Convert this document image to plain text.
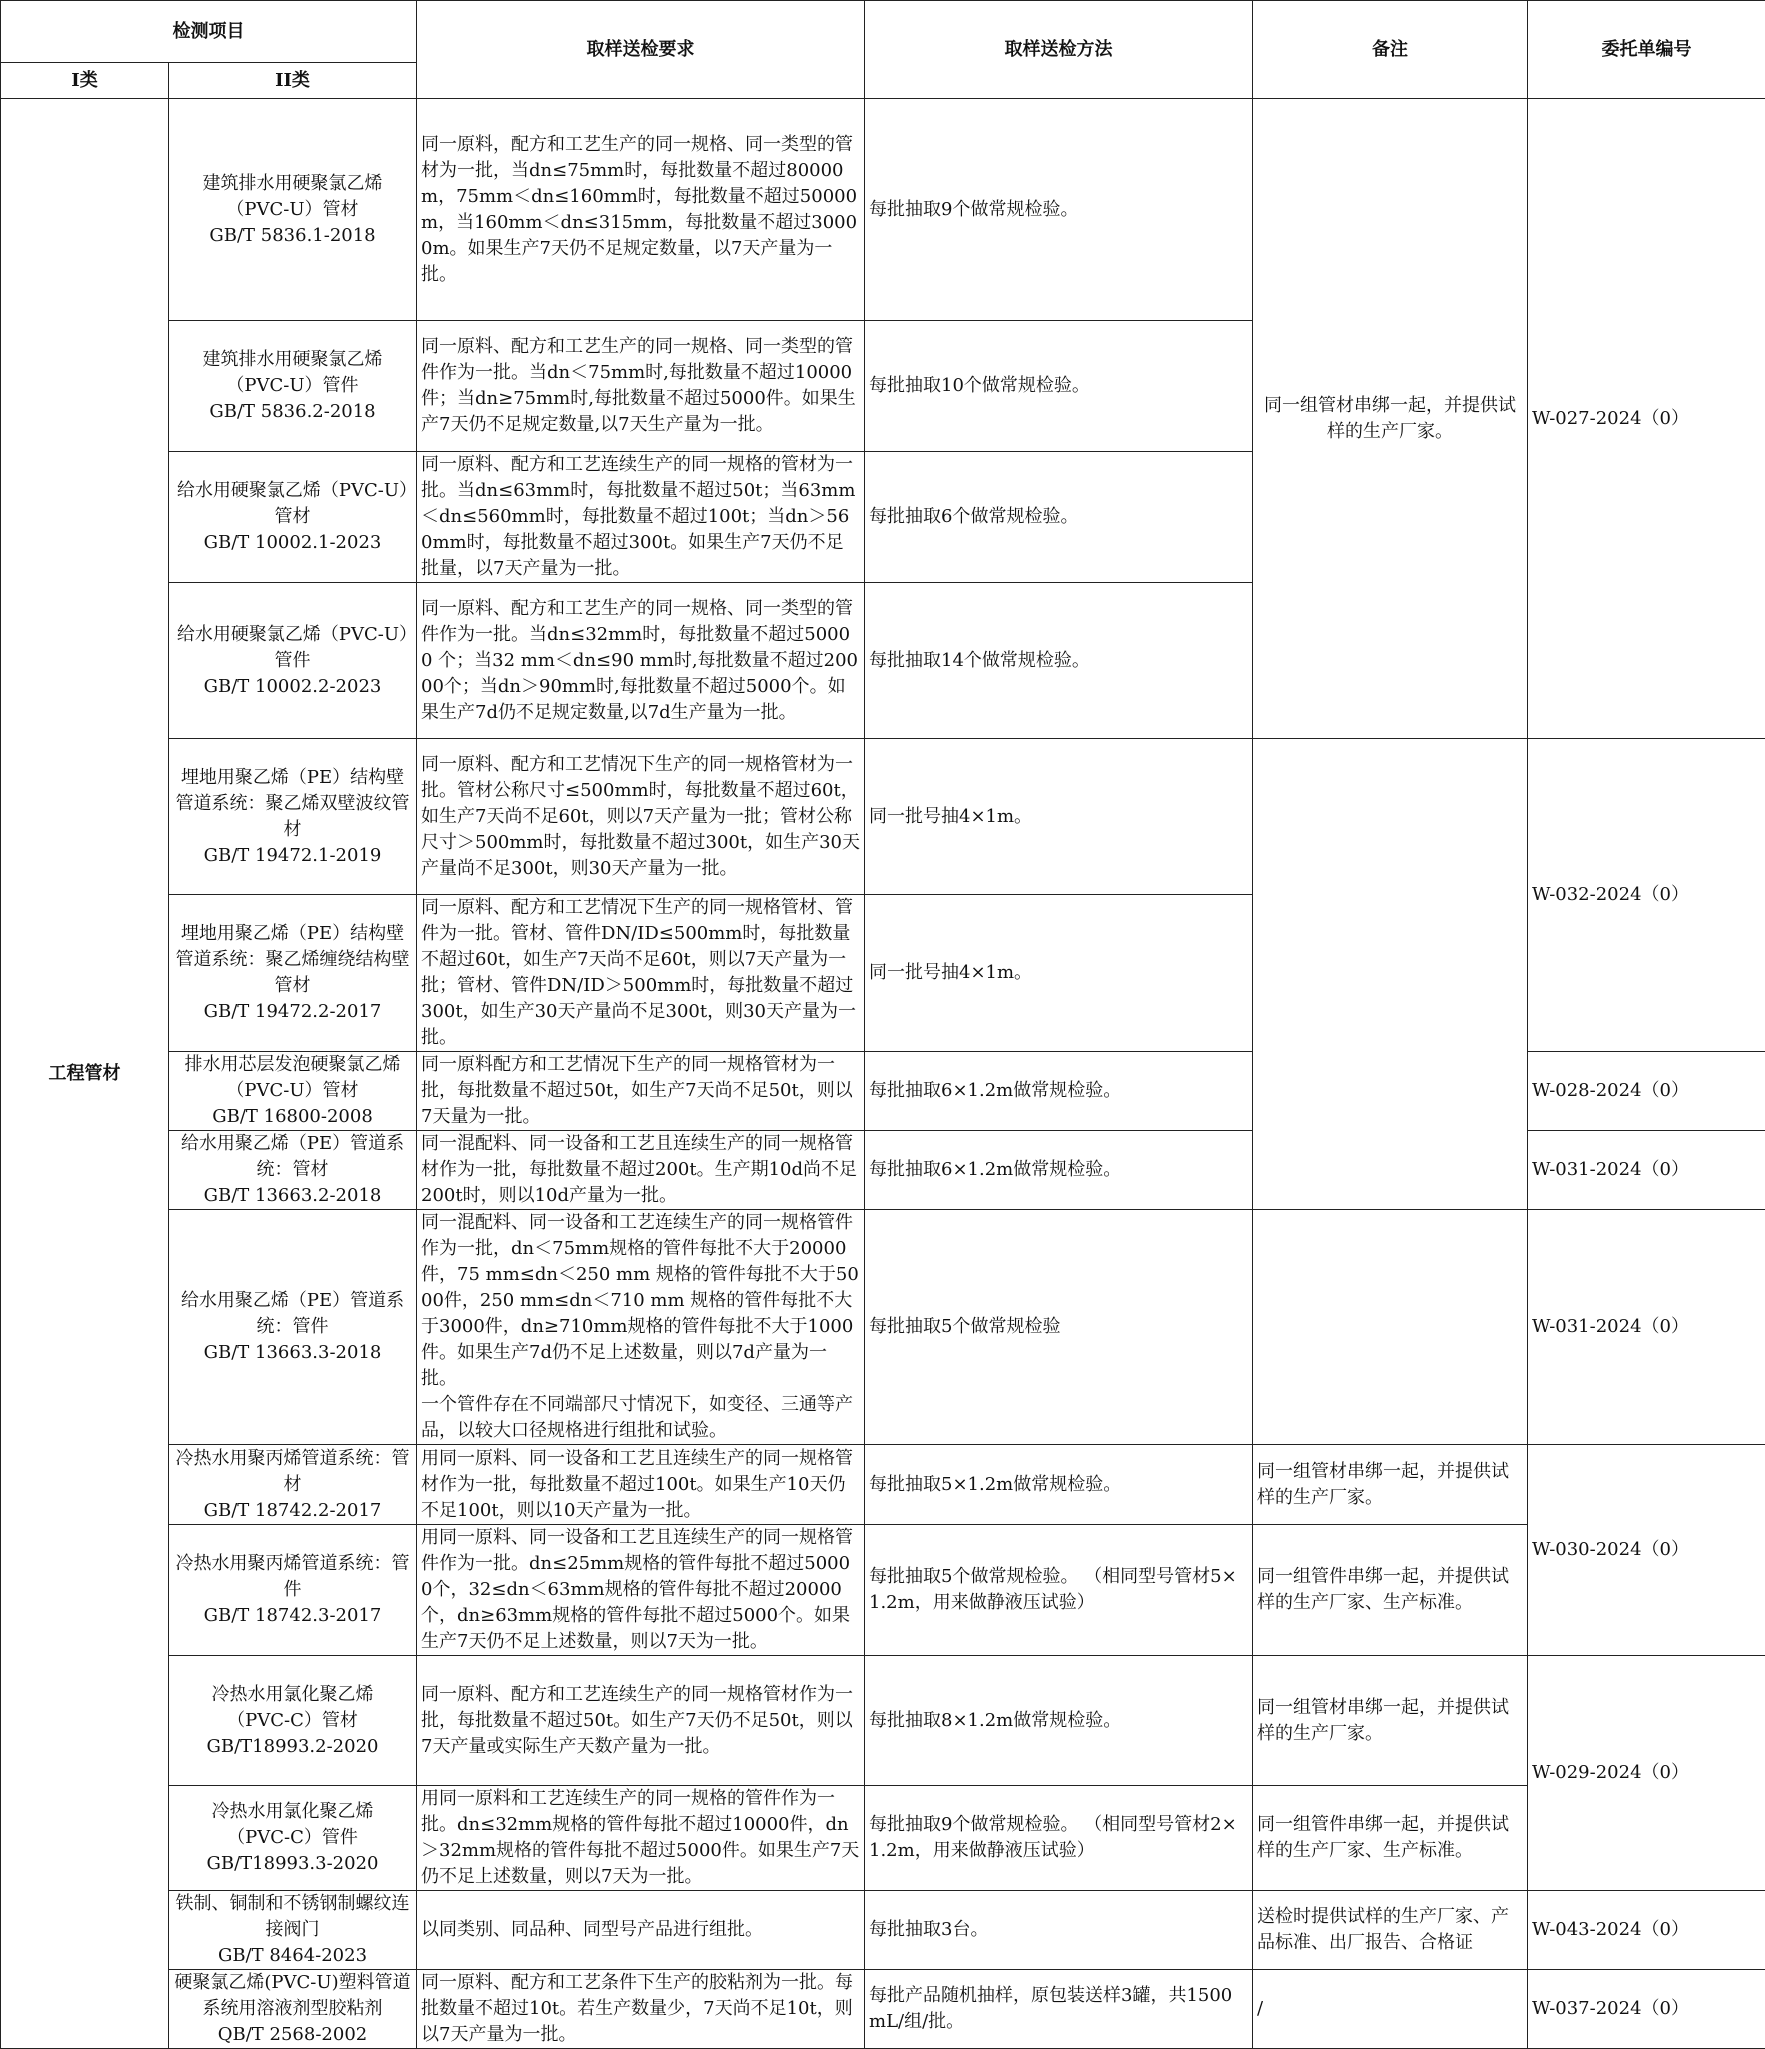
检测项目		取样送检要求	取样送检方法	备注	委托单编号
I类	II类				
工程管材	建筑排水用硬聚氯乙烯
（PVC-U）管材
GB/T 5836.1-2018	同一原料，配方和工艺生产的同一规格、同一类型的管材为一批，当dn≤75mm时，每批数量不超过80000m，75mm＜dn≤160mm时，每批数量不超过50000m，当160mm＜dn≤315mm，每批数量不超过30000m。如果生产7天仍不足规定数量，以7天产量为一批。	每批抽取9个做常规检验。	同一组管材串绑一起，并提供试样的生产厂家。	W-027-2024（0）
	建筑排水用硬聚氯乙烯
（PVC-U）管件
GB/T 5836.2-2018	同一原料、配方和工艺生产的同一规格、同一类型的管件作为一批。当dn＜75mm时,每批数量不超过10000件；当dn≥75mm时,每批数量不超过5000件。如果生产7天仍不足规定数量,以7天生产量为一批。	每批抽取10个做常规检验。		
	给水用硬聚氯乙烯（PVC-U）管材
GB/T 10002.1-2023	同一原料、配方和工艺连续生产的同一规格的管材为一批。当dn≤63mm时，每批数量不超过50t；当63mm＜dn≤560mm时，每批数量不超过100t；当dn＞560mm时，每批数量不超过300t。如果生产7天仍不足批量，以7天产量为一批。	每批抽取6个做常规检验。		
	给水用硬聚氯乙烯（PVC-U）管件
GB/T 10002.2-2023	同一原料、配方和工艺生产的同一规格、同一类型的管件作为一批。当dn≤32mm时，每批数量不超过50000 个；当32 mm＜dn≤90 mm时,每批数量不超过20000个；当dn＞90mm时,每批数量不超过5000个。如果生产7d仍不足规定数量,以7d生产量为一批。	每批抽取14个做常规检验。		
	埋地用聚乙烯（PE）结构壁管道系统：聚乙烯双壁波纹管材
GB/T 19472.1-2019	同一原料、配方和工艺情况下生产的同一规格管材为一批。管材公称尺寸≤500mm时，每批数量不超过60t，如生产7天尚不足60t，则以7天产量为一批；管材公称尺寸＞500mm时，每批数量不超过300t，如生产30天产量尚不足300t，则30天产量为一批。	同一批号抽4×1m。		W-032-2024（0）
	埋地用聚乙烯（PE）结构壁管道系统：聚乙烯缠绕结构壁管材
GB/T 19472.2-2017	同一原料、配方和工艺情况下生产的同一规格管材、管件为一批。管材、管件DN/ID≤500mm时，每批数量不超过60t，如生产7天尚不足60t，则以7天产量为一批；管材、管件DN/ID＞500mm时，每批数量不超过300t，如生产30天产量尚不足300t，则30天产量为一批。	同一批号抽4×1m。		
	排水用芯层发泡硬聚氯乙烯（PVC-U）管材
GB/T 16800-2008	同一原料配方和工艺情况下生产的同一规格管材为一批，每批数量不超过50t，如生产7天尚不足50t，则以7天量为一批。	每批抽取6×1.2m做常规检验。		W-028-2024（0）
	给水用聚乙烯（PE）管道系统：管材
GB/T 13663.2-2018	同一混配料、同一设备和工艺且连续生产的同一规格管材作为一批，每批数量不超过200t。生产期10d尚不足200t时，则以10d产量为一批。	每批抽取6×1.2m做常规检验。		W-031-2024（0）
	给水用聚乙烯（PE）管道系统：管件
GB/T 13663.3-2018	同一混配料、同一设备和工艺连续生产的同一规格管件作为一批，dn＜75mm规格的管件每批不大于20000件，75 mm≤dn＜250 mm 规格的管件每批不大于5000件，250 mm≤dn＜710 mm 规格的管件每批不大于3000件，dn≥710mm规格的管件每批不大于1000件。如果生产7d仍不足上述数量，则以7d产量为一批。
一个管件存在不同端部尺寸情况下，如变径、三通等产品，以较大口径规格进行组批和试验。	每批抽取5个做常规检验		W-031-2024（0）
	冷热水用聚丙烯管道系统：管材
GB/T 18742.2-2017	用同一原料、同一设备和工艺且连续生产的同一规格管材作为一批，每批数量不超过100t。如果生产10天仍不足100t，则以10天产量为一批。	每批抽取5×1.2m做常规检验。	同一组管材串绑一起，并提供试样的生产厂家。	W-030-2024（0）
	冷热水用聚丙烯管道系统：管件
GB/T 18742.3-2017	用同一原料、同一设备和工艺且连续生产的同一规格管件作为一批。dn≤25mm规格的管件每批不超过50000个，32≤dn＜63mm规格的管件每批不超过20000个，dn≥63mm规格的管件每批不超过5000个。如果生产7天仍不足上述数量，则以7天为一批。	每批抽取5个做常规检验。 （相同型号管材5×1.2m，用来做静液压试验）	同一组管件串绑一起，并提供试样的生产厂家、生产标准。	
	冷热水用氯化聚乙烯
（PVC-C）管材
GB/T18993.2-2020	同一原料、配方和工艺连续生产的同一规格管材作为一批，每批数量不超过50t。如生产7天仍不足50t，则以7天产量或实际生产天数产量为一批。	每批抽取8×1.2m做常规检验。	同一组管材串绑一起，并提供试样的生产厂家。	W-029-2024（0）
	冷热水用氯化聚乙烯
（PVC-C）管件
GB/T18993.3-2020	用同一原料和工艺连续生产的同一规格的管件作为一批。dn≤32mm规格的管件每批不超过10000件，dn＞32mm规格的管件每批不超过5000件。如果生产7天仍不足上述数量，则以7天为一批。	每批抽取9个做常规检验。 （相同型号管材2×1.2m，用来做静液压试验）	同一组管件串绑一起，并提供试样的生产厂家、生产标准。	
	铁制、铜制和不锈钢制螺纹连接阀门
GB/T 8464-2023	以同类别、同品种、同型号产品进行组批。	每批抽取3台。	送检时提供试样的生产厂家、产品标准、出厂报告、合格证	W-043-2024（0）
	硬聚氯乙烯(PVC-U)塑料管道系统用溶液剂型胶粘剂
QB/T 2568-2002	同一原料、配方和工艺条件下生产的胶粘剂为一批。每批数量不超过10t。若生产数量少，7天尚不足10t，则以7天产量为一批。	每批产品随机抽样，原包装送样3罐，共1500mL/组/批。	/	W-037-2024（0）
